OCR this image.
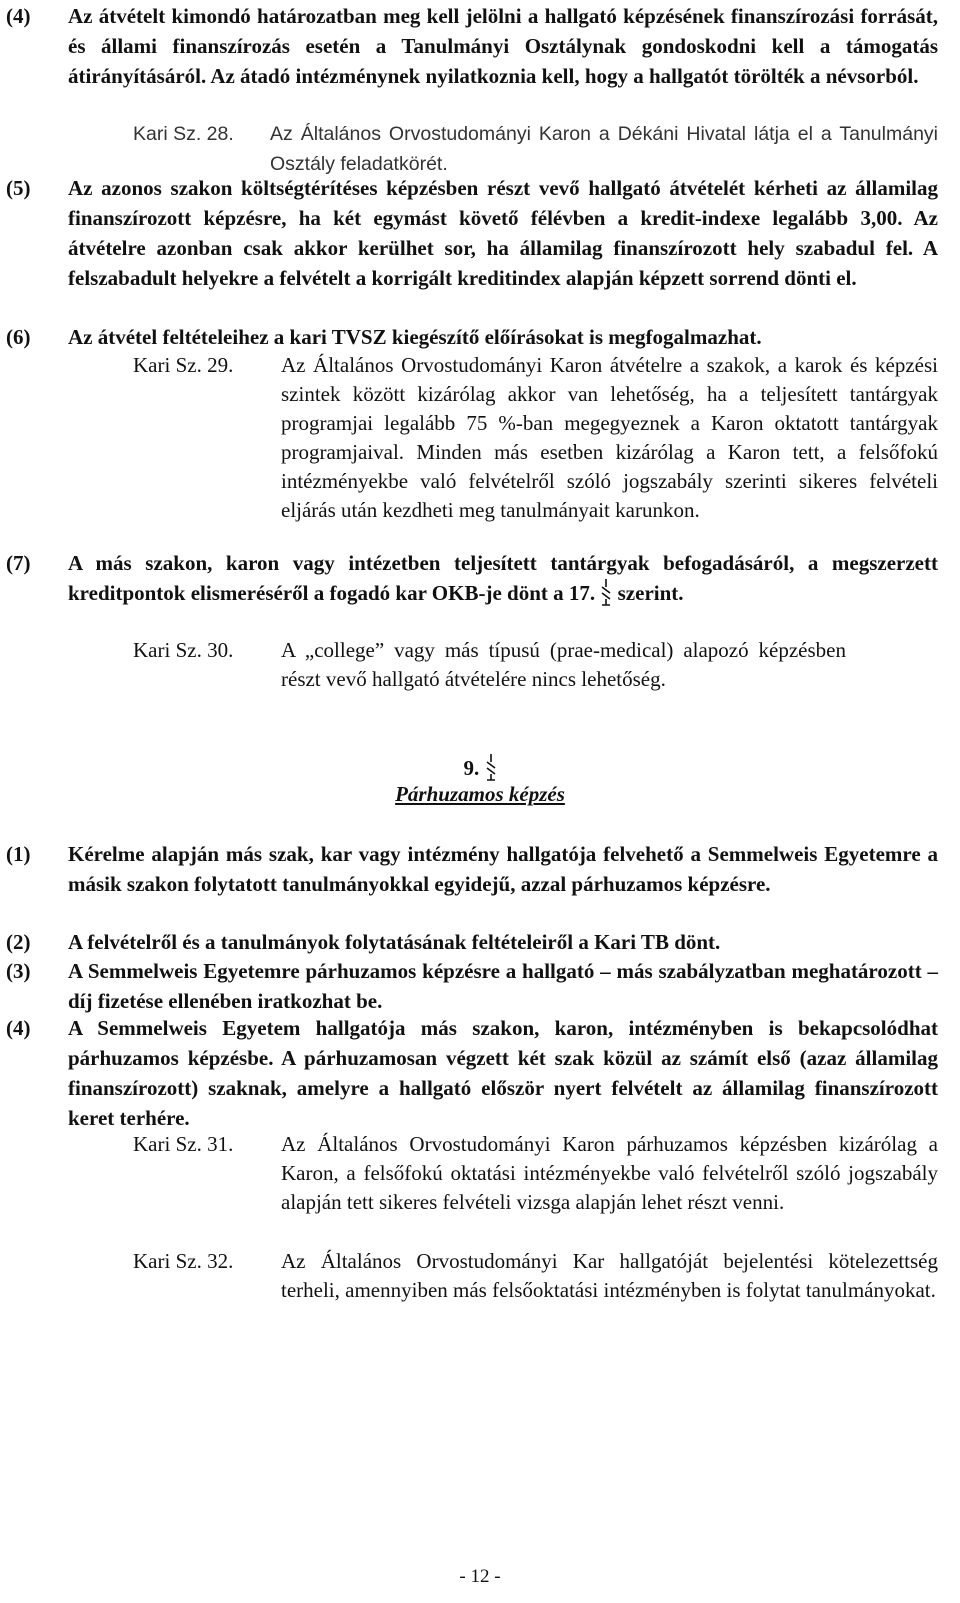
(4) Az átvételt kimondó határozatban meg kell jelölni a hallgató képzésének finanszírozási forrását, és állami finanszírozás esetén a Tanulmányi Osztálynak gondoskodni kell a támogatás átirányításáról. Az átadó intézménynek nyilatkoznia kell, hogy a hallgatót törölték a névsorból.
Kari Sz. 28. Az Általános Orvostudományi Karon a Dékáni Hivatal látja el a Tanulmányi Osztály feladatkörét.
(5) Az azonos szakon költségtérítéses képzésben részt vevő hallgató átvételét kérheti az államilag finanszírozott képzésre, ha két egymást követő félévben a kredit-indexe legalább 3,00. Az átvételre azonban csak akkor kerülhet sor, ha államilag finanszírozott hely szabadul fel. A felszabadult helyekre a felvételt a korrigált kreditindex alapján képzett sorrend dönti el.
(6) Az átvétel feltételeihez a kari TVSZ kiegészítő előírásokat is megfogalmazhat.
Kari Sz. 29. Az Általános Orvostudományi Karon átvételre a szakok, a karok és képzési szintek között kizárólag akkor van lehetőség, ha a teljesített tantárgyak programjai legalább 75 %-ban megegyeznek a Karon oktatott tantárgyak programjaival. Minden más esetben kizárólag a Karon tett, a felsőfokú intézményekbe való felvételről szóló jogszabály szerinti sikeres felvételi eljárás után kezdheti meg tanulmányait karunkon.
(7) A más szakon, karon vagy intézetben teljesített tantárgyak befogadásáról, a megszerzett kreditpontok elismeréséről a fogadó kar OKB-je dönt a 17. szerint.
Kari Sz. 30. A „college” vagy más típusú (prae-medical) alapozó képzésben részt vevő hallgató átvételére nincs lehetőség.
9.
Párhuzamos képzés
(1) Kérelme alapján más szak, kar vagy intézmény hallgatója felvehető a Semmelweis Egyetemre a másik szakon folytatott tanulmányokkal egyidejű, azzal párhuzamos képzésre.
(2) A felvételről és a tanulmányok folytatásának feltételeiről a Kari TB dönt.
(3) A Semmelweis Egyetemre párhuzamos képzésre a hallgató – más szabályzatban meghatározott – díj fizetése ellenében iratkozhat be.
(4) A Semmelweis Egyetem hallgatója más szakon, karon, intézményben is bekapcsolódhat párhuzamos képzésbe. A párhuzamosan végzett két szak közül az számít első (azaz államilag finanszírozott) szaknak, amelyre a hallgató először nyert felvételt az államilag finanszírozott keret terhére.
Kari Sz. 31. Az Általános Orvostudományi Karon párhuzamos képzésben kizárólag a Karon, a felsőfokú oktatási intézményekbe való felvételről szóló jogszabály alapján tett sikeres felvételi vizsga alapján lehet részt venni.
Kari Sz. 32. Az Általános Orvostudományi Kar hallgatóját bejelentési kötelezettség terheli, amennyiben más felsőoktatási intézményben is folytat tanulmányokat.
- 12 -
